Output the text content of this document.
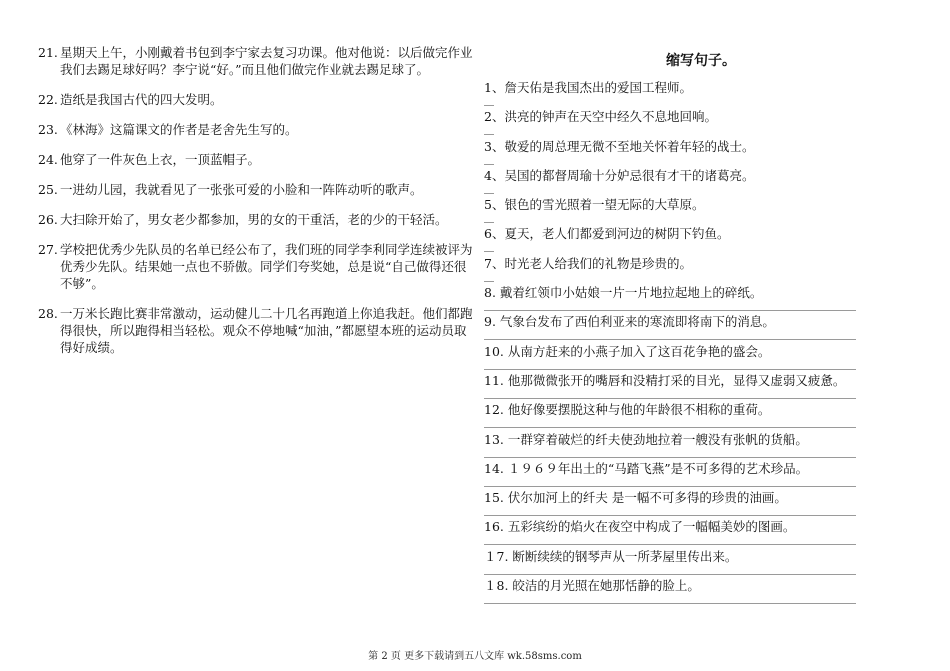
21. 星期天上午，小刚戴着书包到李宁家去复习功课。他对他说：以后做完作业我们去踢足球好吗？李宁说“好。”而且他们做完作业就去踢足球了。
22. 造纸是我国古代的四大发明。
23. 《林海》这篇课文的作者是老舍先生写的。
24. 他穿了一件灰色上衣，一顶蓝帽子。
25. 一进幼儿园，我就看见了一张张可爱的小脸和一阵阵动听的歌声。
26. 大扫除开始了，男女老少都参加，男的女的干重活，老的少的干轻活。
27. 学校把优秀少先队员的名单已经公布了，我们班的同学李利同学连续被评为优秀少先队。结果她一点也不骄傲。同学们夸奖她，总是说“自己做得还很不够”。
28. 一万米长跑比赛非常激动，运动健儿二十几名再跑道上你追我赶。他们都跑得很快，所以跑得相当轻松。观众不停地喊“加油，”都愿望本班的运动员取得好成绩。
缩写句子。
1、詹天佑是我国杰出的爱国工程师。
2、洪亮的钟声在天空中经久不息地回响。
3、敬爱的周总理无微不至地关怀着年轻的战士。
4、吴国的都督周瑜十分妒忌很有才干的诸葛亮。
5、银色的雪光照着一望无际的大草原。
6、夏天，老人们都爱到河边的树阴下钓鱼。
7、时光老人给我们的礼物是珍贵的。
8. 戴着红领巾小姑娘一片一片地拉起地上的碎纸。
9. 气象台发布了西伯利亚来的寒流即将南下的消息。
10. 从南方赶来的小燕子加入了这百花争艳的盛会。
11. 他那微微张开的嘴唇和没精打采的目光，显得又虚弱又疲惫。
12. 他好像要摆脱这种与他的年龄很不相称的重荷。
13. 一群穿着破烂的纤夫使劲地拉着一艘没有张帆的货船。
14. １９６９年出土的“马踏飞燕”是不可多得的艺术珍品。
15. 伏尔加河上的纤夫 是一幅不可多得的珍贵的油画。
16. 五彩缤纷的焰火在夜空中构成了一幅幅美妙的图画。
１7. 断断续续的钢琴声从一所茅屋里传出来。
１8. 皎洁的月光照在她那恬静的脸上。
第 2 页 更多下载请到五八文库 wk.58sms.com
